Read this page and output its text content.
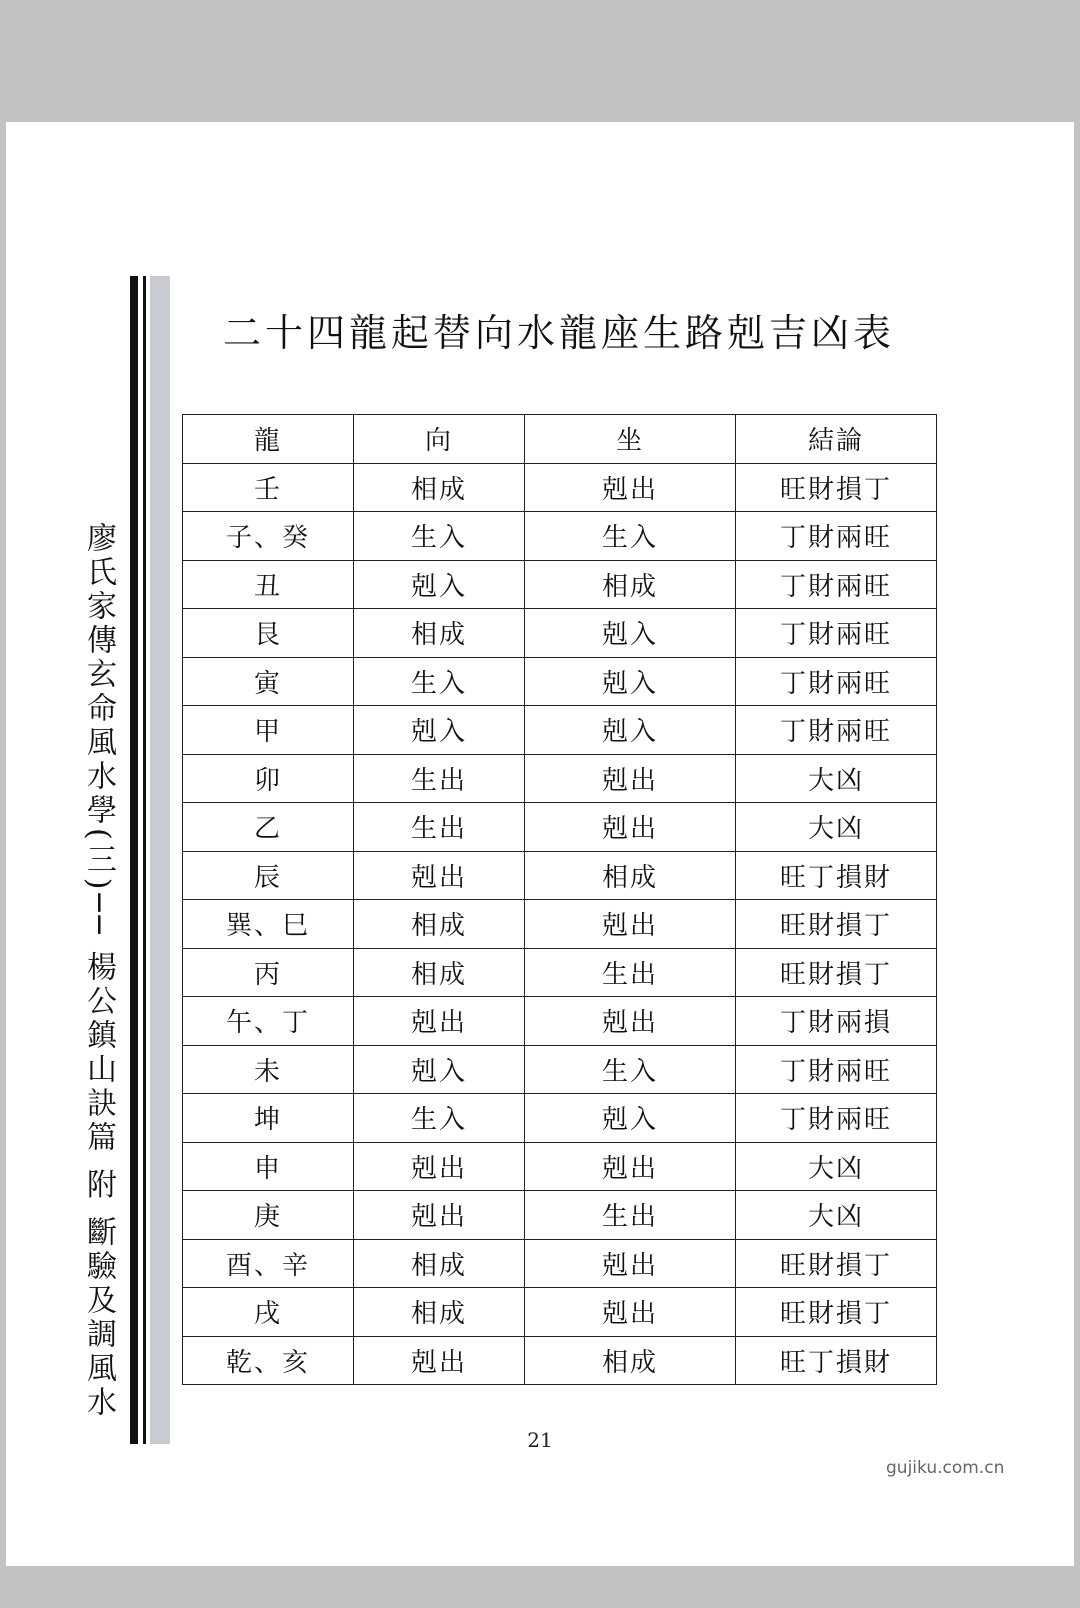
廖氏家傳玄命風水學(三)── 楊公鎮山訣篇 附 斷驗及調風水
二十四龍起替向水龍座生路剋吉凶表
龍	向	坐	結論
壬	相成	剋出	旺財損丁
子、癸	生入	生入	丁財兩旺
丑	剋入	相成	丁財兩旺
艮	相成	剋入	丁財兩旺
寅	生入	剋入	丁財兩旺
甲	剋入	剋入	丁財兩旺
卯	生出	剋出	大凶
乙	生出	剋出	大凶
辰	剋出	相成	旺丁損財
巽、巳	相成	剋出	旺財損丁
丙	相成	生出	旺財損丁
午、丁	剋出	剋出	丁財兩損
未	剋入	生入	丁財兩旺
坤	生入	剋入	丁財兩旺
申	剋出	剋出	大凶
庚	剋出	生出	大凶
酉、辛	相成	剋出	旺財損丁
戌	相成	剋出	旺財損丁
乾、亥	剋出	相成	旺丁損財
21
gujiku.com.cn
